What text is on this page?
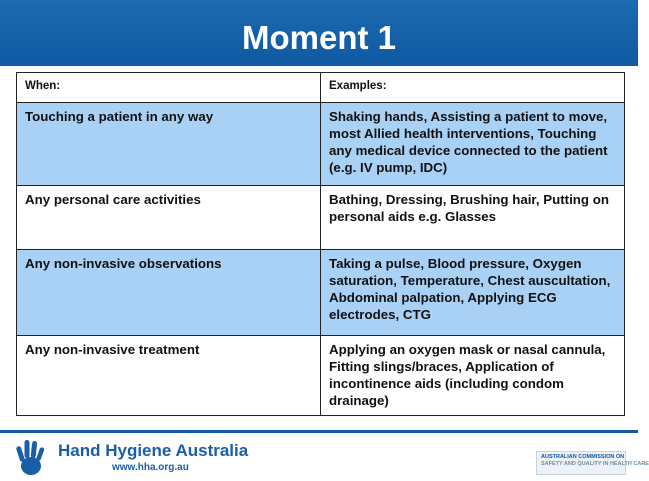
Moment 1
When:	Examples:
Touching a patient in any way	Shaking hands, Assisting a patient to move, most Allied health interventions, Touching any medical device connected to the patient (e.g. IV pump, IDC)
Any personal care activities	Bathing, Dressing, Brushing hair, Putting on personal aids e.g. Glasses
Any non-invasive observations	Taking a pulse, Blood pressure, Oxygen saturation, Temperature, Chest auscultation, Abdominal palpation, Applying ECG electrodes, CTG
Any non-invasive treatment	Applying an oxygen mask or nasal cannula, Fitting slings/braces, Application of incontinence aids (including condom drainage)
Hand Hygiene Australia
www.hha.org.au
AUSTRALIAN COMMISSION ON
SAFETY AND QUALITY IN HEALTH CARE
